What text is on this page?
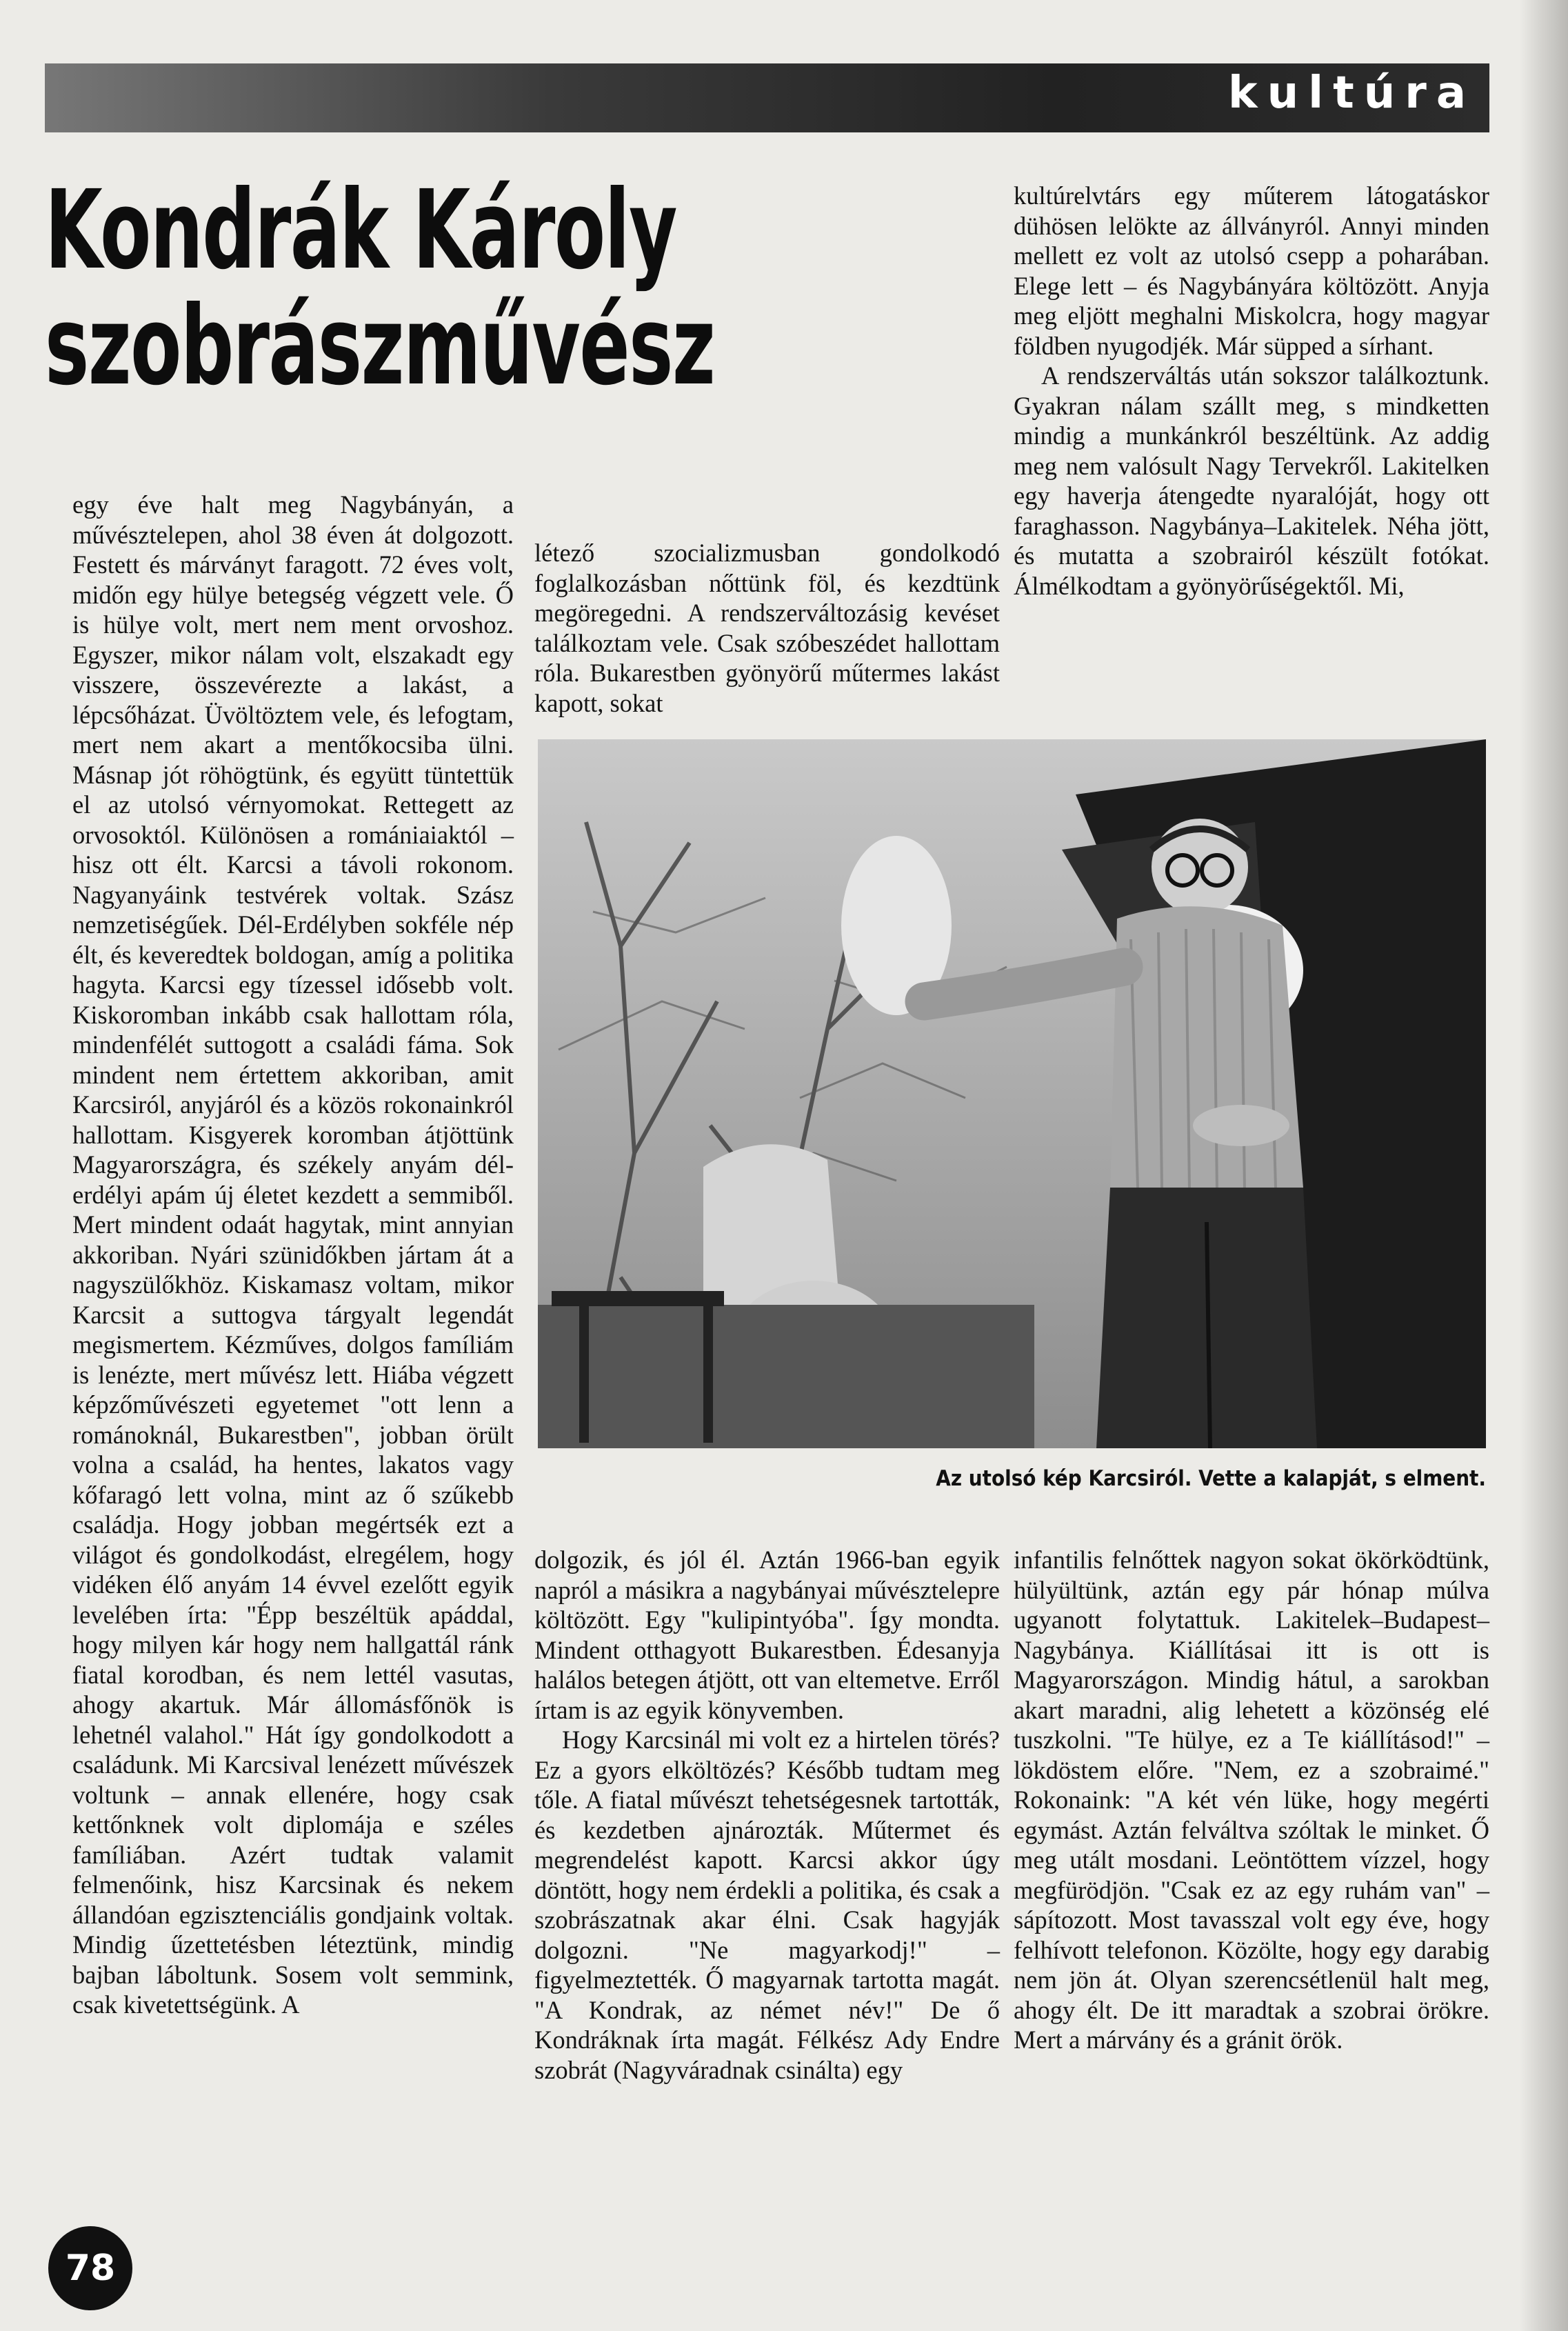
kultúra
Kondrák Károly
szobrászművész

egy éve halt meg Nagybányán, a művésztelepen, ahol 38 éven át dolgozott. Festett és márványt faragott. 72 éves volt, midőn egy hülye betegség végzett vele. Ő is hülye volt, mert nem ment orvoshoz. Egyszer, mikor nálam volt, elszakadt egy visszere, összevérezte a lakást, a lépcsőházat. Üvöltöztem vele, és lefogtam, mert nem akart a mentőkocsiba ülni. Másnap jót röhögtünk, és együtt tüntettük el az utolsó vérnyomokat. Rettegett az orvosoktól. Különösen a romániaiaktól – hisz ott élt. Karcsi a távoli rokonom. Nagyanyáink testvérek voltak. Szász nemzetiségűek. Dél-Erdélyben sokféle nép élt, és keveredtek boldogan, amíg a politika hagyta. Karcsi egy tízessel idősebb volt. Kiskoromban inkább csak hallottam róla, mindenfélét suttogott a családi fáma. Sok mindent nem értettem akkoriban, amit Karcsiról, anyjáról és a közös rokonainkról hallottam. Kisgyerek koromban átjöttünk Magyarországra, és székely anyám dél-erdélyi apám új életet kezdett a semmiből. Mert mindent odaát hagytak, mint annyian akkoriban. Nyári szünidőkben jártam át a nagyszülőkhöz. Kiskamasz voltam, mikor Karcsit a suttogva tárgyalt legendát megismertem. Kézműves, dolgos famíliám is lenézte, mert művész lett. Hiába végzett képzőművészeti egyetemet "ott lenn a románoknál, Bukarestben", jobban örült volna a család, ha hentes, lakatos vagy kőfaragó lett volna, mint az ő szűkebb családja. Hogy jobban megértsék ezt a világot és gondolkodást, elregélem, hogy vidéken élő anyám 14 évvel ezelőtt egyik levelében írta: "Épp beszéltük apáddal, hogy milyen kár hogy nem hallgattál ránk fiatal korodban, és nem lettél vasutas, ahogy akartuk. Már állomásfőnök is lehetnél valahol." Hát így gondolkodott a családunk. Mi Karcsival lenézett művészek voltunk – annak ellenére, hogy csak kettőnknek volt diplomája e széles famíliában. Azért tudtak valamit felmenőink, hisz Karcsinak és nekem állandóan egzisztenciális gondjaink voltak. Mindig űzettetésben léteztünk, mindig bajban láboltunk. Sosem volt semmink, csak kivetettségünk. A

létező szocializmusban gondolkodó foglalkozásban nőttünk föl, és kezdtünk megöregedni. A rendszerváltozásig kevéset találkoztam vele. Csak szóbeszédet hallottam róla. Bukarestben gyönyörű műtermes lakást kapott, sokat

kultúrelvtárs egy műterem látogatáskor dühösen lelökte az állványról. Annyi minden mellett ez volt az utolsó csepp a poharában. Elege lett – és Nagybányára költözött. Anyja meg eljött meghalni Miskolcra, hogy magyar földben nyugodjék. Már süpped a sírhant.

A rendszerváltás után sokszor találkoztunk. Gyakran nálam szállt meg, s mindketten mindig a munkánkról beszéltünk. Az addig meg nem valósult Nagy Tervekről. Lakitelken egy haverja átengedte nyaralóját, hogy ott faraghasson. Nagybánya–Lakitelek. Néha jött, és mutatta a szobrairól készült fotókat. Álmélkodtam a gyönyörűségektől. Mi,

Az utolsó kép Karcsiról. Vette a kalapját, s elment.

dolgozik, és jól él. Aztán 1966-ban egyik napról a másikra a nagybányai művésztelepre költözött. Egy "kulipintyóba". Így mondta. Mindent otthagyott Bukarestben. Édesanyja halálos betegen átjött, ott van eltemetve. Erről írtam is az egyik könyvemben.

Hogy Karcsinál mi volt ez a hirtelen törés? Ez a gyors elköltözés? Később tudtam meg tőle. A fiatal művészt tehetségesnek tartották, és kezdetben ajnározták. Műtermet és megrendelést kapott. Karcsi akkor úgy döntött, hogy nem érdekli a politika, és csak a szobrászatnak akar élni. Csak hagyják dolgozni. "Ne magyarkodj!" – figyelmeztették. Ő magyarnak tartotta magát. "A Kondrak, az német név!" De ő Kondráknak írta magát. Félkész Ady Endre szobrát (Nagyváradnak csinálta) egy

infantilis felnőttek nagyon sokat ökörködtünk, hülyültünk, aztán egy pár hónap múlva ugyanott folytattuk. Lakitelek–Budapest–Nagybánya. Kiállításai itt is ott is Magyarországon. Mindig hátul, a sarokban akart maradni, alig lehetett a közönség elé tuszkolni. "Te hülye, ez a Te kiállításod!" – lökdöstem előre. "Nem, ez a szobraimé." Rokonaink: "A két vén lüke, hogy megérti egymást. Aztán felváltva szóltak le minket. Ő meg utált mosdani. Leöntöttem vízzel, hogy megfürödjön. "Csak ez az egy ruhám van" – sápítozott. Most tavasszal volt egy éve, hogy felhívott telefonon. Közölte, hogy egy darabig nem jön át. Olyan szerencsétlenül halt meg, ahogy élt. De itt maradtak a szobrai örökre. Mert a márvány és a gránit örök.

78
